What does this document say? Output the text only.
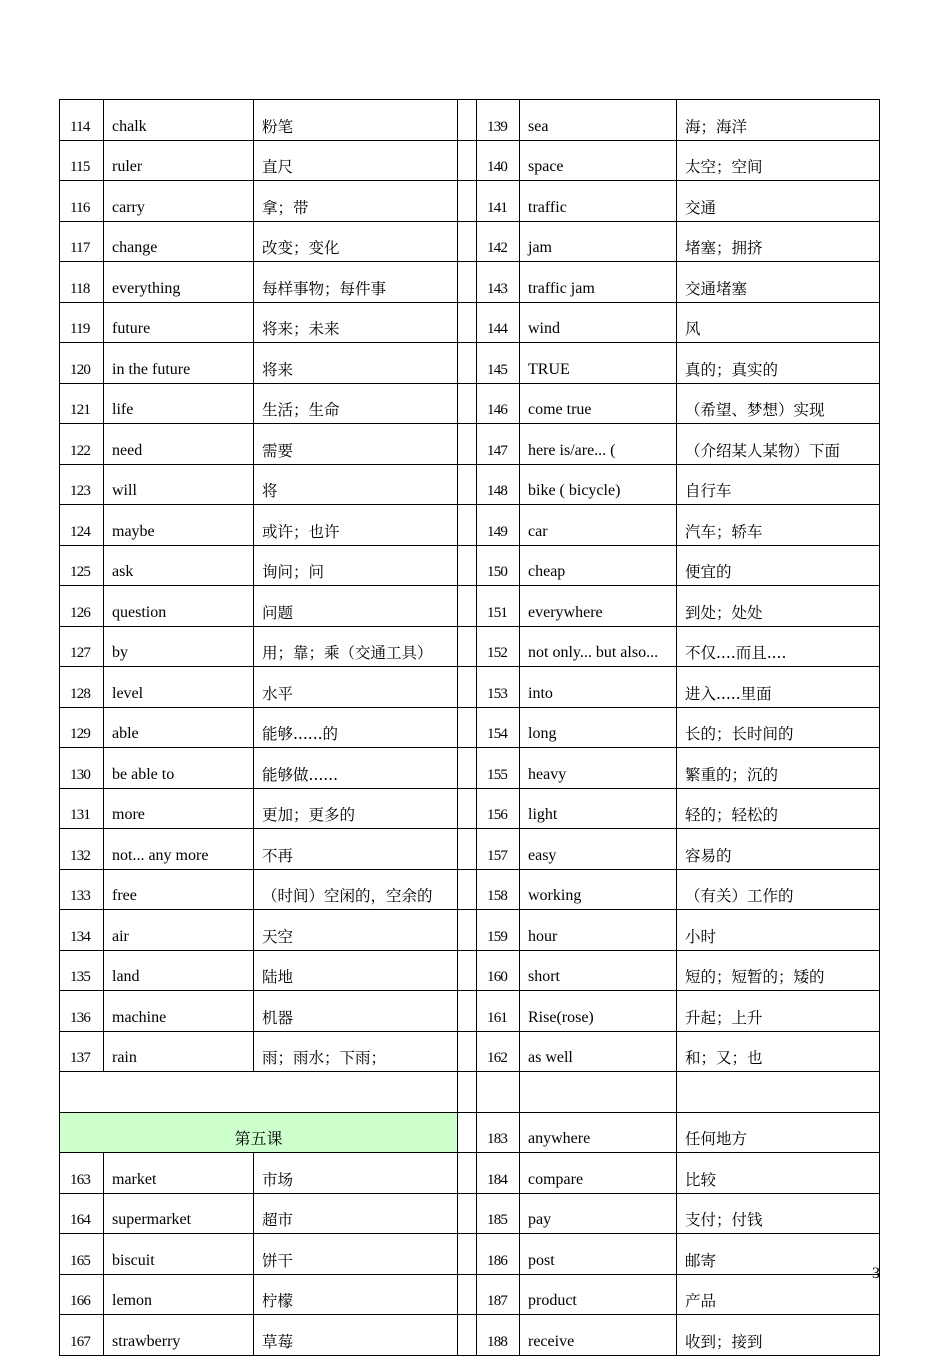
114	chalk	粉笔		139	sea	海；海洋
115	ruler	直尺		140	space	太空；空间
116	carry	拿；带		141	traffic	交通
117	change	改变；变化		142	jam	堵塞；拥挤
118	everything	每样事物；每件事		143	traffic jam	交通堵塞
119	future	将来；未来		144	wind	风
120	in the future	将来		145	TRUE	真的；真实的
121	life	生活；生命		146	come true	（希望、梦想）实现
122	need	需要		147	here is/are... (	（介绍某人某物）下面
123	will	将		148	bike ( bicycle)	自行车
124	maybe	或许；也许		149	car	汽车；轿车
125	ask	询问；问		150	cheap	便宜的
126	question	问题		151	everywhere	到处；处处
127	by	用；靠；乘（交通工具）		152	not only... but also...	不仅....而且....
128	level	水平		153	into	进入.....里面
129	able	能够......的		154	long	长的；长时间的
130	be able to	能够做......		155	heavy	繁重的；沉的
131	more	更加；更多的		156	light	轻的；轻松的
132	not... any more	不再		157	easy	容易的
133	free	（时间）空闲的，空余的		158	working	（有关）工作的
134	air	天空		159	hour	小时
135	land	陆地		160	short	短的；短暂的；矮的
136	machine	机器		161	Rise(rose)	升起；上升
137	rain	雨；雨水；下雨；		162	as well	和；又；也

第五课				183	anywhere	任何地方
163	market	市场		184	compare	比较
164	supermarket	超市		185	pay	支付；付钱
165	biscuit	饼干		186	post	邮寄
166	lemon	柠檬		187	product	产品
167	strawberry	草莓		188	receive	收到；接到
3
